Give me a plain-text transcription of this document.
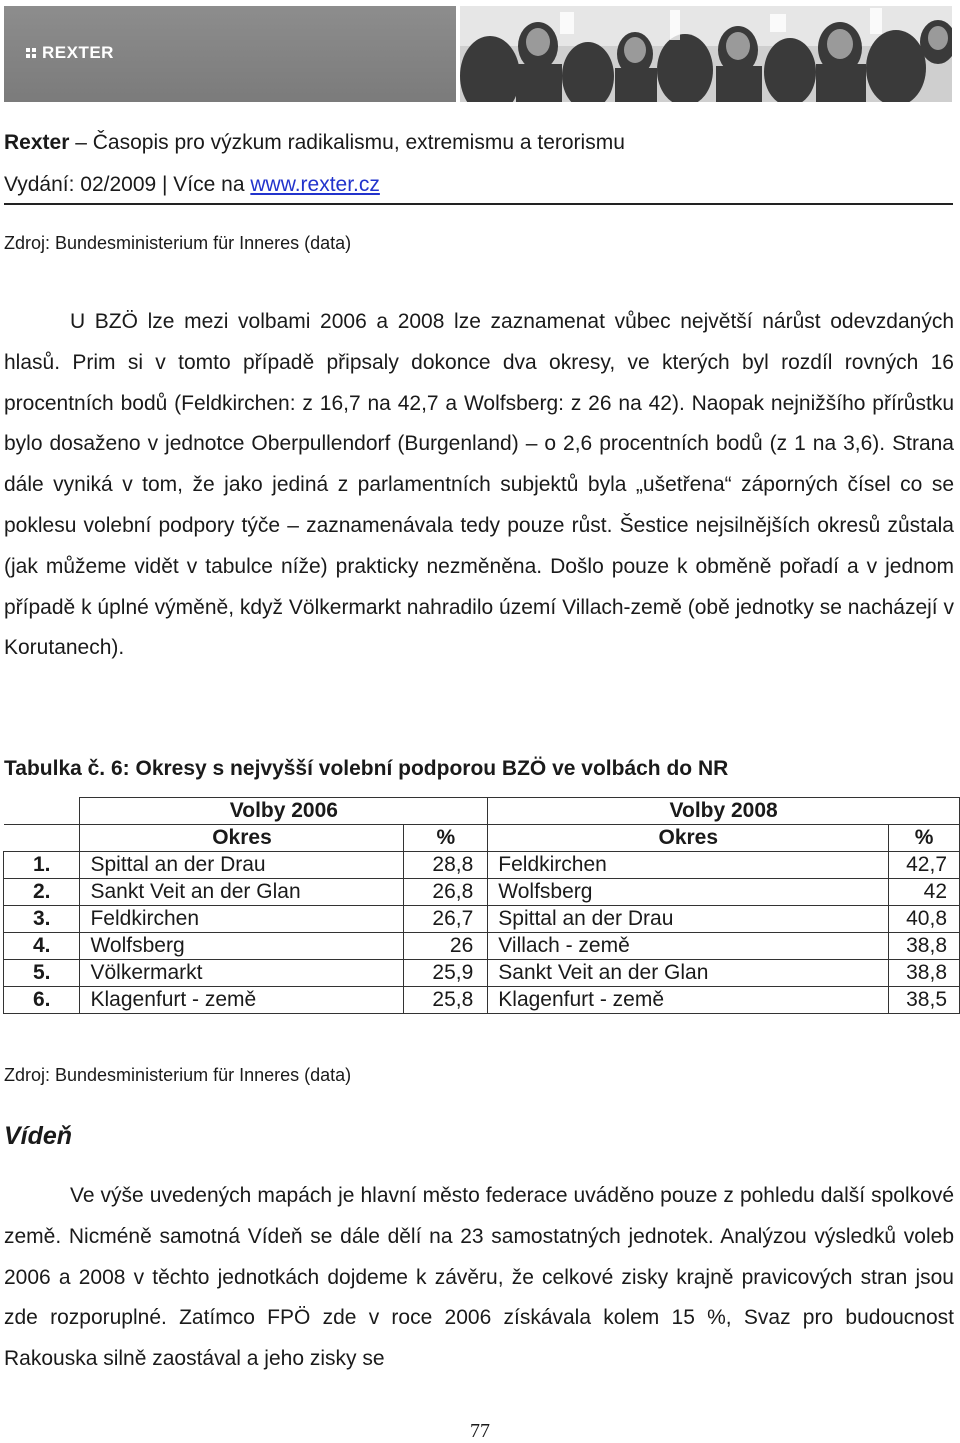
REXTER
Rexter – Časopis pro výzkum radikalismu, extremismu a terorismu
Vydání: 02/2009 | Více na www.rexter.cz
Zdroj: Bundesministerium für Inneres (data)
U BZÖ lze mezi volbami 2006 a 2008 lze zaznamenat vůbec největší nárůst odevzdaných hlasů. Prim si v tomto případě připsaly dokonce dva okresy, ve kterých byl rozdíl rovných 16 procentních bodů (Feldkirchen: z 16,7 na 42,7 a Wolfsberg: z 26 na 42). Naopak nejnižšího přírůstku bylo dosaženo v jednotce Oberpullendorf (Burgenland) – o 2,6 procentních bodů (z 1 na 3,6). Strana dále vyniká v tom, že jako jediná z parlamentních subjektů byla „ušetřena“ záporných čísel co se poklesu volební podpory týče – zaznamenávala tedy pouze růst. Šestice nejsilnějších okresů zůstala (jak můžeme vidět v tabulce níže) prakticky nezměněna. Došlo pouze k obměně pořadí a v jednom případě k úplné výměně, když Völkermarkt nahradilo území Villach-země (obě jednotky se nacházejí v Korutanech).
Tabulka č. 6: Okresy s nejvyšší volební podporou BZÖ ve volbách do NR
	Volby 2006		Volby 2008	
	Okres	%	Okres	%
1.	Spittal an der Drau	28,8	Feldkirchen	42,7
2.	Sankt Veit an der Glan	26,8	Wolfsberg	42
3.	Feldkirchen	26,7	Spittal an der Drau	40,8
4.	Wolfsberg	26	Villach - země	38,8
5.	Völkermarkt	25,9	Sankt Veit an der Glan	38,8
6.	Klagenfurt - země	25,8	Klagenfurt - země	38,5
Zdroj: Bundesministerium für Inneres (data)
Vídeň
Ve výše uvedených mapách je hlavní město federace uváděno pouze z pohledu další spolkové země. Nicméně samotná Vídeň se dále dělí na 23 samostatných jednotek. Analýzou výsledků voleb 2006 a 2008 v těchto jednotkách dojdeme k závěru, že celkové zisky krajně pravicových stran jsou zde rozporuplné. Zatímco FPÖ zde v roce 2006 získávala kolem 15 %, Svaz pro budoucnost Rakouska silně zaostával a jeho zisky se
77
